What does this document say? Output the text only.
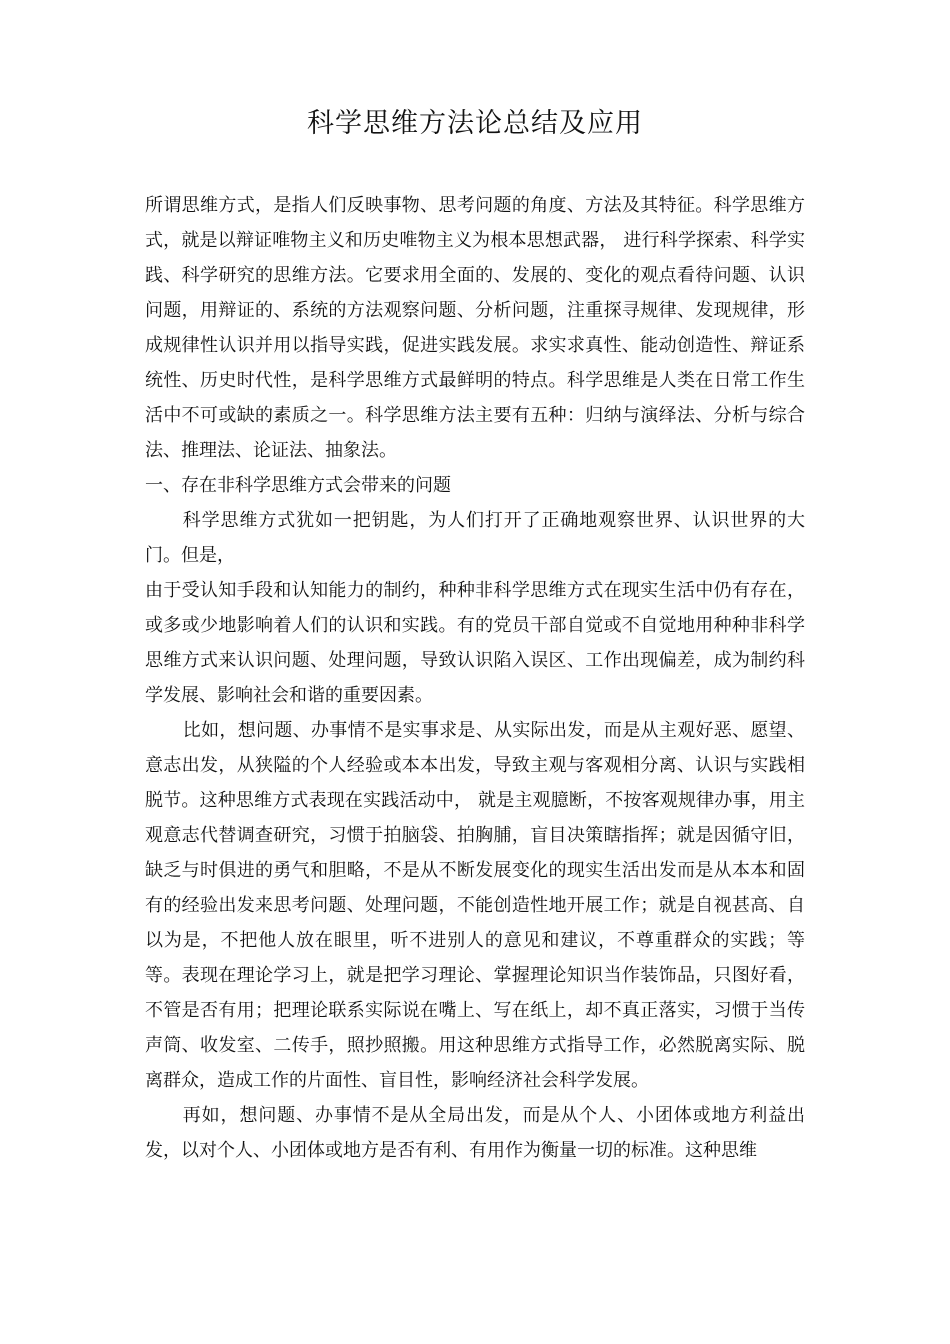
科学思维方法论总结及应用

所谓思维方式，是指人们反映事物、思考问题的角度、方法及其特征。科学思维方式，就是以辩证唯物主义和历史唯物主义为根本思想武器， 进行科学探索、科学实践、科学研究的思维方法。它要求用全面的、发展的、变化的观点看待问题、认识问题，用辩证的、系统的方法观察问题、分析问题，注重探寻规律、发现规律，形成规律性认识并用以指导实践，促进实践发展。求实求真性、能动创造性、辩证系统性、历史时代性，是科学思维方式最鲜明的特点。科学思维是人类在日常工作生活中不可或缺的素质之一。科学思维方法主要有五种：归纳与演绎法、分析与综合法、推理法、论证法、抽象法。

一、存在非科学思维方式会带来的问题

科学思维方式犹如一把钥匙，为人们打开了正确地观察世界、认识世界的大门。但是，

由于受认知手段和认知能力的制约，种种非科学思维方式在现实生活中仍有存在，或多或少地影响着人们的认识和实践。有的党员干部自觉或不自觉地用种种非科学思维方式来认识问题、处理问题，导致认识陷入误区、工作出现偏差，成为制约科学发展、影响社会和谐的重要因素。

比如，想问题、办事情不是实事求是、从实际出发，而是从主观好恶、愿望、意志出发，从狭隘的个人经验或本本出发，导致主观与客观相分离、认识与实践相脱节。这种思维方式表现在实践活动中， 就是主观臆断，不按客观规律办事，用主观意志代替调查研究，习惯于拍脑袋、拍胸脯，盲目决策瞎指挥；就是因循守旧，缺乏与时俱进的勇气和胆略，不是从不断发展变化的现实生活出发而是从本本和固有的经验出发来思考问题、处理问题，不能创造性地开展工作；就是自视甚高、自以为是，不把他人放在眼里，听不进别人的意见和建议，不尊重群众的实践；等等。表现在理论学习上，就是把学习理论、掌握理论知识当作装饰品，只图好看，不管是否有用；把理论联系实际说在嘴上、写在纸上，却不真正落实，习惯于当传声筒、收发室、二传手，照抄照搬。用这种思维方式指导工作，必然脱离实际、脱离群众，造成工作的片面性、盲目性，影响经济社会科学发展。

再如，想问题、办事情不是从全局出发，而是从个人、小团体或地方利益出发，以对个人、小团体或地方是否有利、有用作为衡量一切的标准。这种思维
